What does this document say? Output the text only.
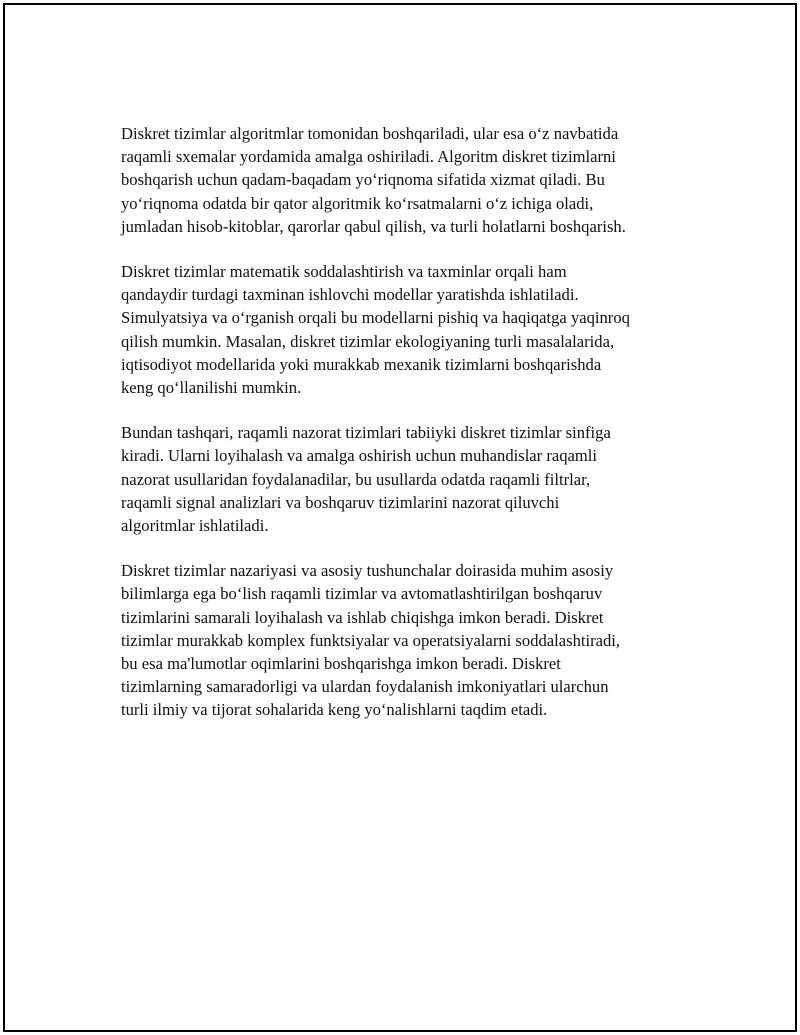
Diskret tizimlar algoritmlar tomonidan boshqariladi, ular esa o‘z navbatida
raqamli sxemalar yordamida amalga oshiriladi. Algoritm diskret tizimlarni
boshqarish uchun qadam-baqadam yo‘riqnoma sifatida xizmat qiladi. Bu
yo‘riqnoma odatda bir qator algoritmik ko‘rsatmalarni o‘z ichiga oladi,
jumladan hisob-kitoblar, qarorlar qabul qilish, va turli holatlarni boshqarish.

Diskret tizimlar matematik soddalashtirish va taxminlar orqali ham
qandaydir turdagi taxminan ishlovchi modellar yaratishda ishlatiladi.
Simulyatsiya va o‘rganish orqali bu modellarni pishiq va haqiqatga yaqinroq
qilish mumkin. Masalan, diskret tizimlar ekologiyaning turli masalalarida,
iqtisodiyot modellarida yoki murakkab mexanik tizimlarni boshqarishda
keng qo‘llanilishi mumkin.

Bundan tashqari, raqamli nazorat tizimlari tabiiyki diskret tizimlar sinfiga
kiradi. Ularni loyihalash va amalga oshirish uchun muhandislar raqamli
nazorat usullaridan foydalanadilar, bu usullarda odatda raqamli filtrlar,
raqamli signal analizlari va boshqaruv tizimlarini nazorat qiluvchi
algoritmlar ishlatiladi.

Diskret tizimlar nazariyasi va asosiy tushunchalar doirasida muhim asosiy
bilimlarga ega bo‘lish raqamli tizimlar va avtomatlashtirilgan boshqaruv
tizimlarini samarali loyihalash va ishlab chiqishga imkon beradi. Diskret
tizimlar murakkab komplex funktsiyalar va operatsiyalarni soddalashtiradi,
bu esa ma'lumotlar oqimlarini boshqarishga imkon beradi. Diskret
tizimlarning samaradorligi va ulardan foydalanish imkoniyatlari ularchun
turli ilmiy va tijorat sohalarida keng yo‘nalishlarni taqdim etadi.
